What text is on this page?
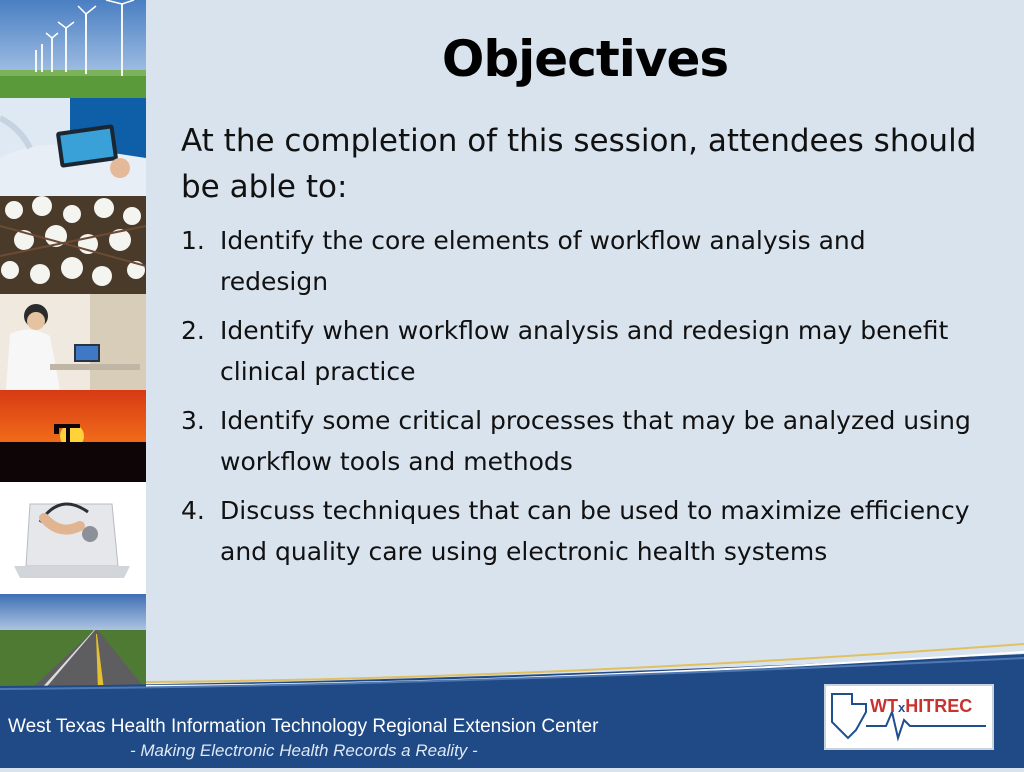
Objectives
At the completion of this session, attendees should be able to:
1. Identify the core elements of workflow analysis and redesign
2. Identify when workflow analysis and redesign may benefit clinical practice
3. Identify some critical processes that may be analyzed using workflow tools and methods
4. Discuss techniques that can be used to maximize efficiency and quality care using electronic health systems
West Texas Health Information Technology Regional Extension Center
- Making Electronic Health Records a Reality -
WTxHITREC
